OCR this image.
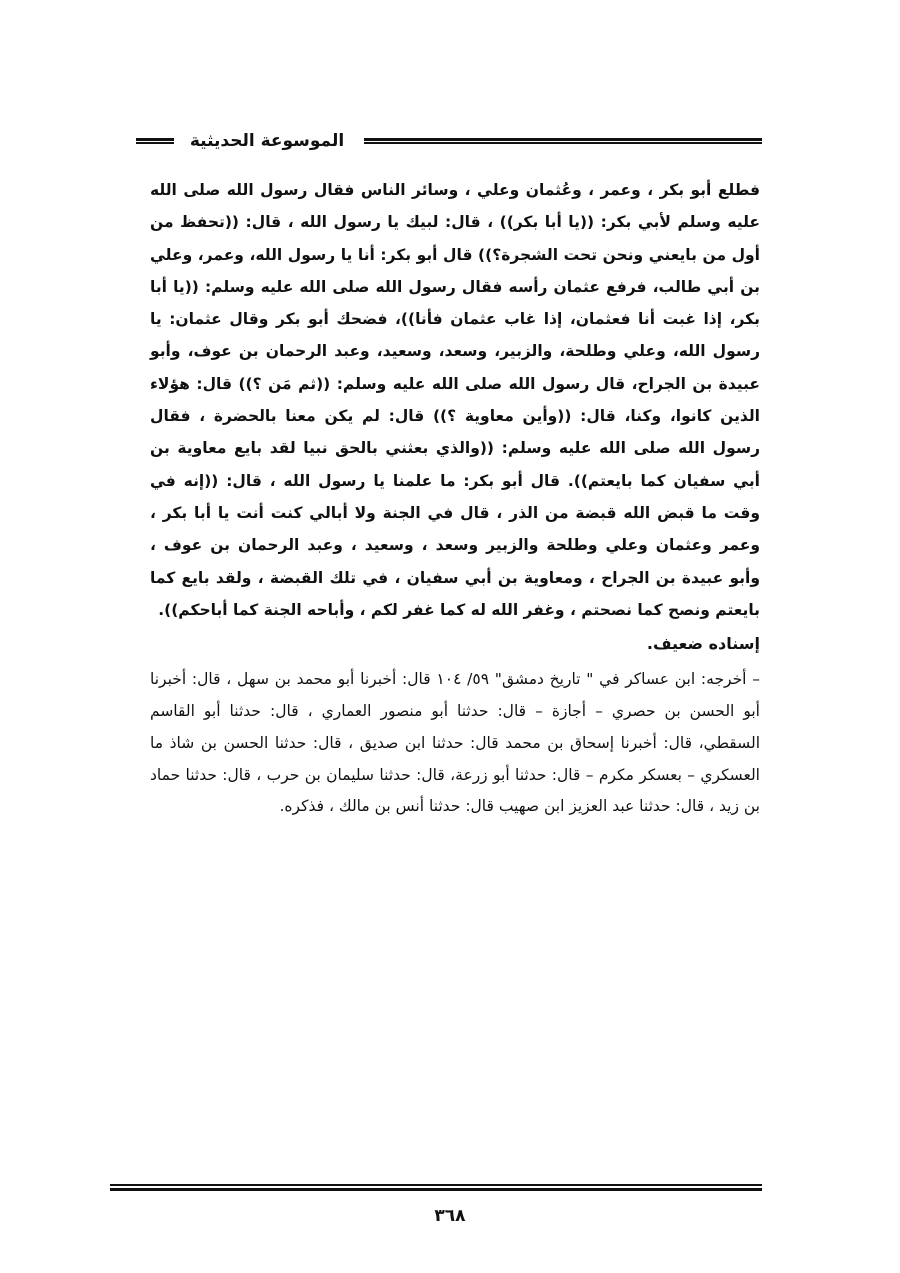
الموسوعة الحديثية

فطلع أبو بكر ، وعمر ، وعُثمان وعلي ، وسائر الناس فقال رسول الله صلى الله عليه وسلم لأبي بكر: ((يا أبا بكر)) ، قال: لبيك يا رسول الله ، قال: ((تحفظ من أول من بايعني ونحن تحت الشجرة؟)) قال أبو بكر: أنا يا رسول الله، وعمر، وعلي بن أبي طالب، فرفع عثمان رأسه فقال رسول الله صلى الله عليه وسلم: ((يا أبا بكر، إذا غبت أنا فعثمان، إذا غاب عثمان فأنا))، فضحك أبو بكر وقال عثمان: يا رسول الله، وعلي وطلحة، والزبير، وسعد، وسعيد، وعبد الرحمان بن عوف، وأبو عبيدة بن الجراح، قال رسول الله صلى الله عليه وسلم: ((ثم مَن ؟)) قال: هؤلاء الذين كانوا، وكنا، قال: ((وأين معاوية ؟)) قال: لم يكن معنا بالحضرة ، فقال رسول الله صلى الله عليه وسلم: ((والذي بعثني بالحق نبيا لقد بايع معاوية بن أبي سفيان كما بايعتم)). قال أبو بكر: ما علمنا يا رسول الله ، قال: ((إنه في وقت ما قبض الله قبضة من الذر ، قال في الجنة ولا أبالي كنت أنت يا أبا بكر ، وعمر وعثمان وعلي وطلحة والزبير وسعد ، وسعيد ، وعبد الرحمان بن عوف ، وأبو عبيدة بن الجراح ، ومعاوية بن أبي سفيان ، في تلك القبضة ، ولقد بايع كما بايعتم ونصح كما نصحتم ، وغفر الله له كما غفر لكم ، وأباحه الجنة كما أباحكم)).

إسناده ضعيف.

– أخرجه: ابن عساكر في " تاريخ دمشق" ٥٩/ ١٠٤ قال: أخبرنا أبو محمد بن سهل ، قال: أخبرنا أبو الحسن بن حصري – أجازة – قال: حدثنا أبو منصور العماري ، قال: حدثنا أبو القاسم السقطي، قال: أخبرنا إسحاق بن محمد قال: حدثنا ابن صديق ، قال: حدثنا الحسن بن شاذ ما العسكري – بعسكر مكرم – قال: حدثنا أبو زرعة، قال: حدثنا سليمان بن حرب ، قال: حدثنا حماد بن زيد ، قال: حدثنا عبد العزيز ابن صهيب قال: حدثنا أنس بن مالك ، فذكره.

٣٦٨
